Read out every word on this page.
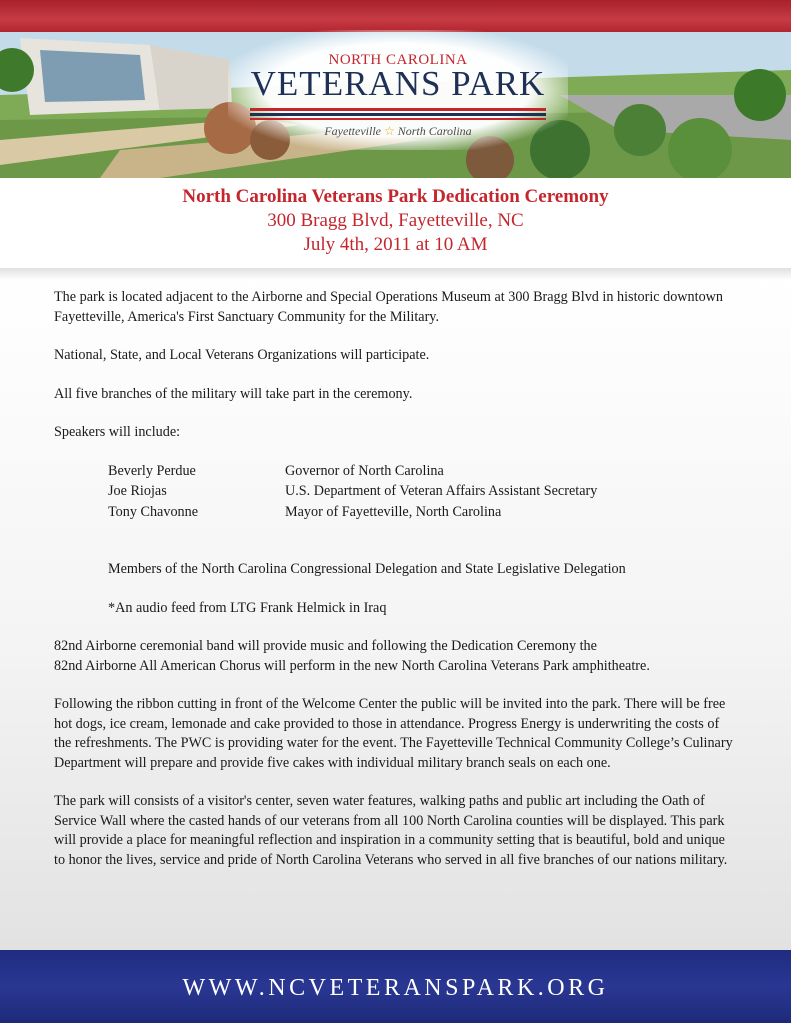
NORTH CAROLINA
VETERANS PARK
Fayetteville ☆ North Carolina
North Carolina Veterans Park Dedication Ceremony
300 Bragg Blvd, Fayetteville, NC
July 4th, 2011 at 10 AM

The park is located adjacent to the Airborne and Special Operations Museum at 300 Bragg Blvd in historic downtown Fayetteville, America's First Sanctuary Community for the Military.

National, State, and Local Veterans Organizations will participate.

All five branches of the military will take part in the ceremony.

Speakers will include:

Beverly Perdue	Governor of North Carolina
Joe Riojas	U.S. Department of Veteran Affairs Assistant Secretary
Tony Chavonne	Mayor of Fayetteville, North Carolina

Members of the North Carolina Congressional Delegation and State Legislative Delegation

*An audio feed from LTG Frank Helmick in Iraq

82nd Airborne ceremonial band will provide music and following the Dedication Ceremony the

82nd Airborne All American Chorus will perform in the new North Carolina Veterans Park amphitheatre.

Following the ribbon cutting in front of the Welcome Center the public will be invited into the park. There will be free hot dogs, ice cream, lemonade and cake provided to those in attendance. Progress Energy is underwriting the costs of the refreshments. The PWC is providing water for the event. The Fayetteville Technical Community College’s Culinary Department will prepare and provide five cakes with individual military branch seals on each one.

The park will consists of a visitor's center, seven water features, walking paths and public art including the Oath of Service Wall where the casted hands of our veterans from all 100 North Carolina counties will be displayed. This park will provide a place for meaningful reflection and inspiration in a community setting that is beautiful, bold and unique to honor the lives, service and pride of North Carolina Veterans who served in all five branches of our nations military.

WWW.NCVETERANSPARK.ORG
